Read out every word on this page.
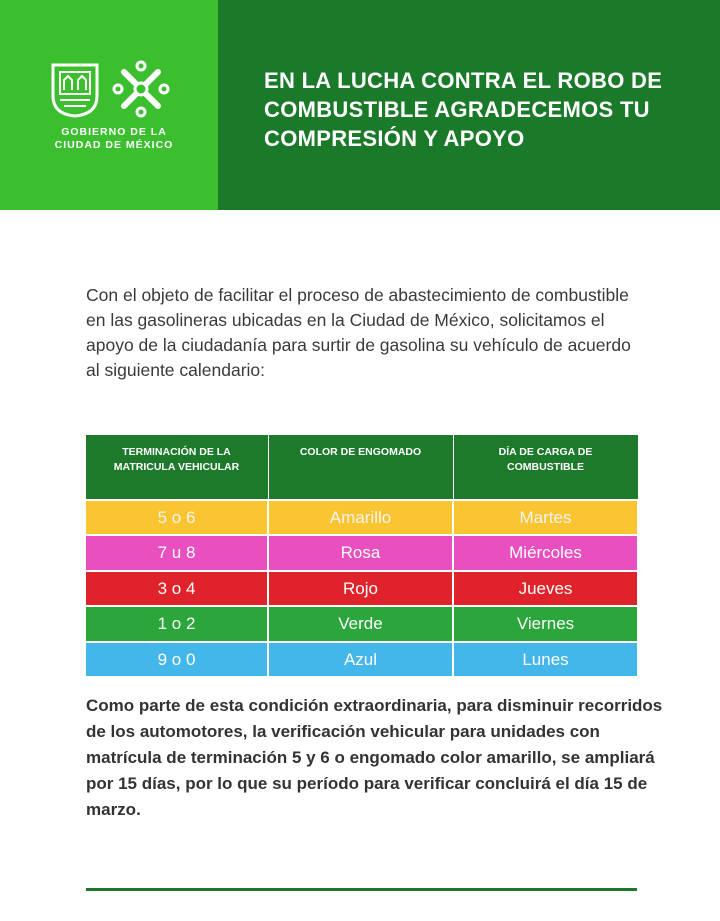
GOBIERNO DE LA
CIUDAD DE MÉXICO
EN LA LUCHA CONTRA EL ROBO DE COMBUSTIBLE AGRADECEMOS TU COMPRESIÓN Y APOYO

Con el objeto de facilitar el proceso de abastecimiento de combustible en las gasolineras ubicadas en la Ciudad de México, solicitamos el apoyo de la ciudadanía para surtir de gasolina su vehículo de acuerdo al siguiente calendario:

TERMINACIÓN DE LA MATRICULA VEHICULAR	COLOR DE ENGOMADO	DÍA DE CARGA DE COMBUSTIBLE
5 o 6	Amarillo	Martes
7 u 8	Rosa	Miércoles
3 o 4	Rojo	Jueves
1 o 2	Verde	Viernes
9 o 0	Azul	Lunes

Como parte de esta condición extraordinaria, para disminuir recorridos de los automotores, la verificación vehicular para unidades con matrícula de terminación 5 y 6 o engomado color amarillo, se ampliará por 15 días, por lo que su período para verificar concluirá el día 15 de marzo.
